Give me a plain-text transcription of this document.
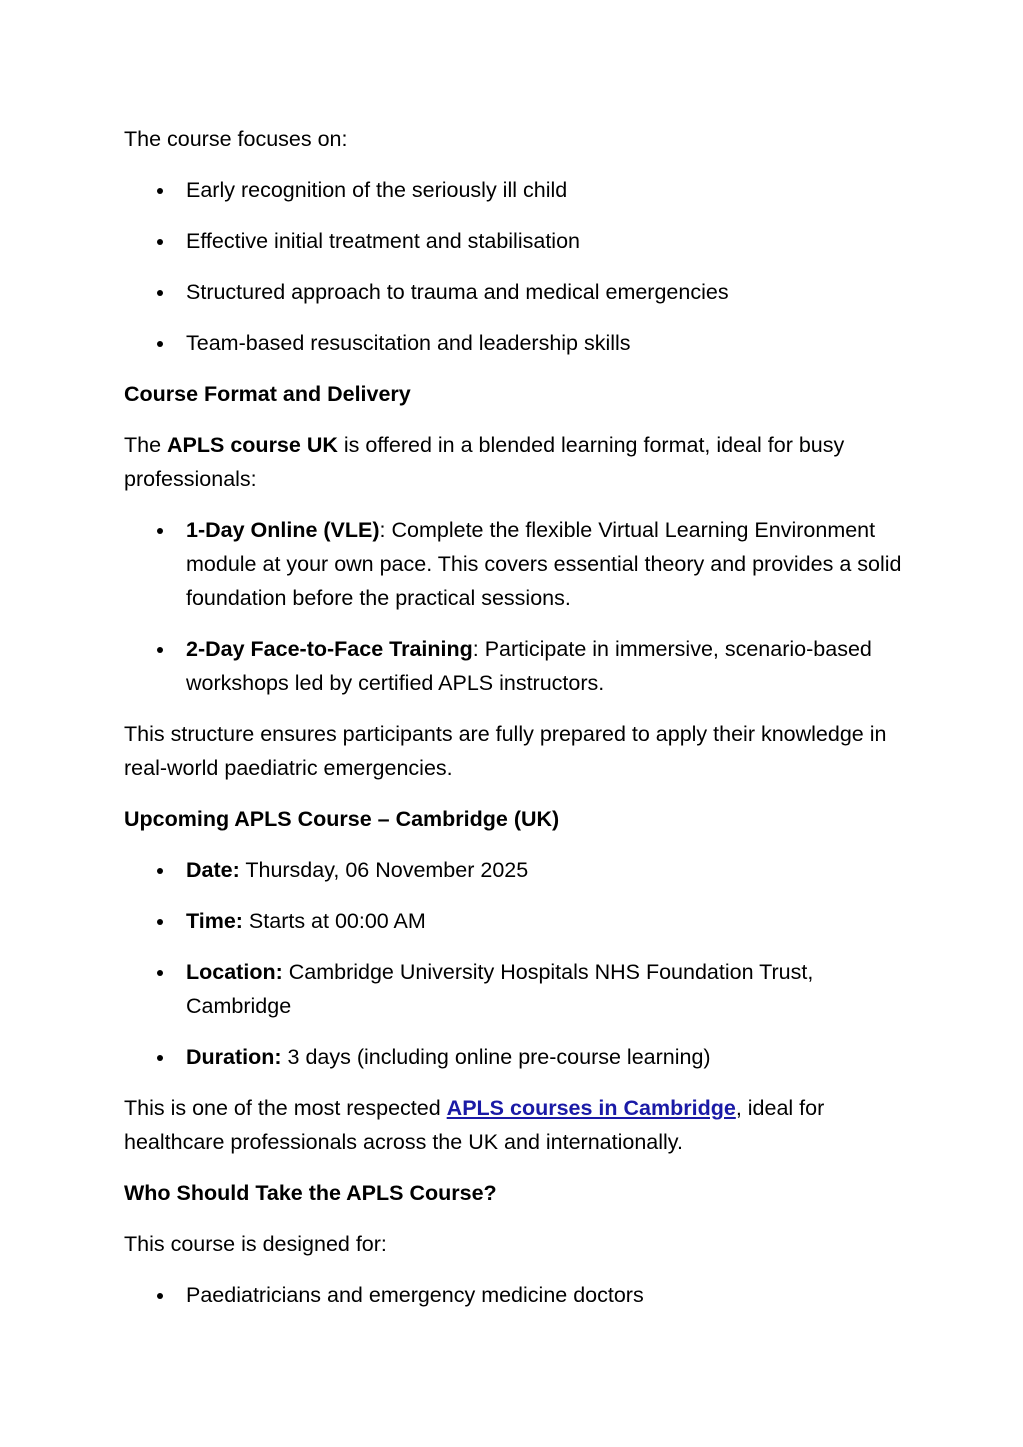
The course focuses on:

Early recognition of the seriously ill child
Effective initial treatment and stabilisation
Structured approach to trauma and medical emergencies
Team-based resuscitation and leadership skills

Course Format and Delivery

The APLS course UK is offered in a blended learning format, ideal for busy professionals:

1-Day Online (VLE): Complete the flexible Virtual Learning Environment module at your own pace. This covers essential theory and provides a solid foundation before the practical sessions.
2-Day Face-to-Face Training: Participate in immersive, scenario-based workshops led by certified APLS instructors.

This structure ensures participants are fully prepared to apply their knowledge in real-world paediatric emergencies.

Upcoming APLS Course – Cambridge (UK)

Date: Thursday, 06 November 2025
Time: Starts at 00:00 AM
Location: Cambridge University Hospitals NHS Foundation Trust, Cambridge
Duration: 3 days (including online pre-course learning)

This is one of the most respected APLS courses in Cambridge, ideal for healthcare professionals across the UK and internationally.

Who Should Take the APLS Course?

This course is designed for:

Paediatricians and emergency medicine doctors
